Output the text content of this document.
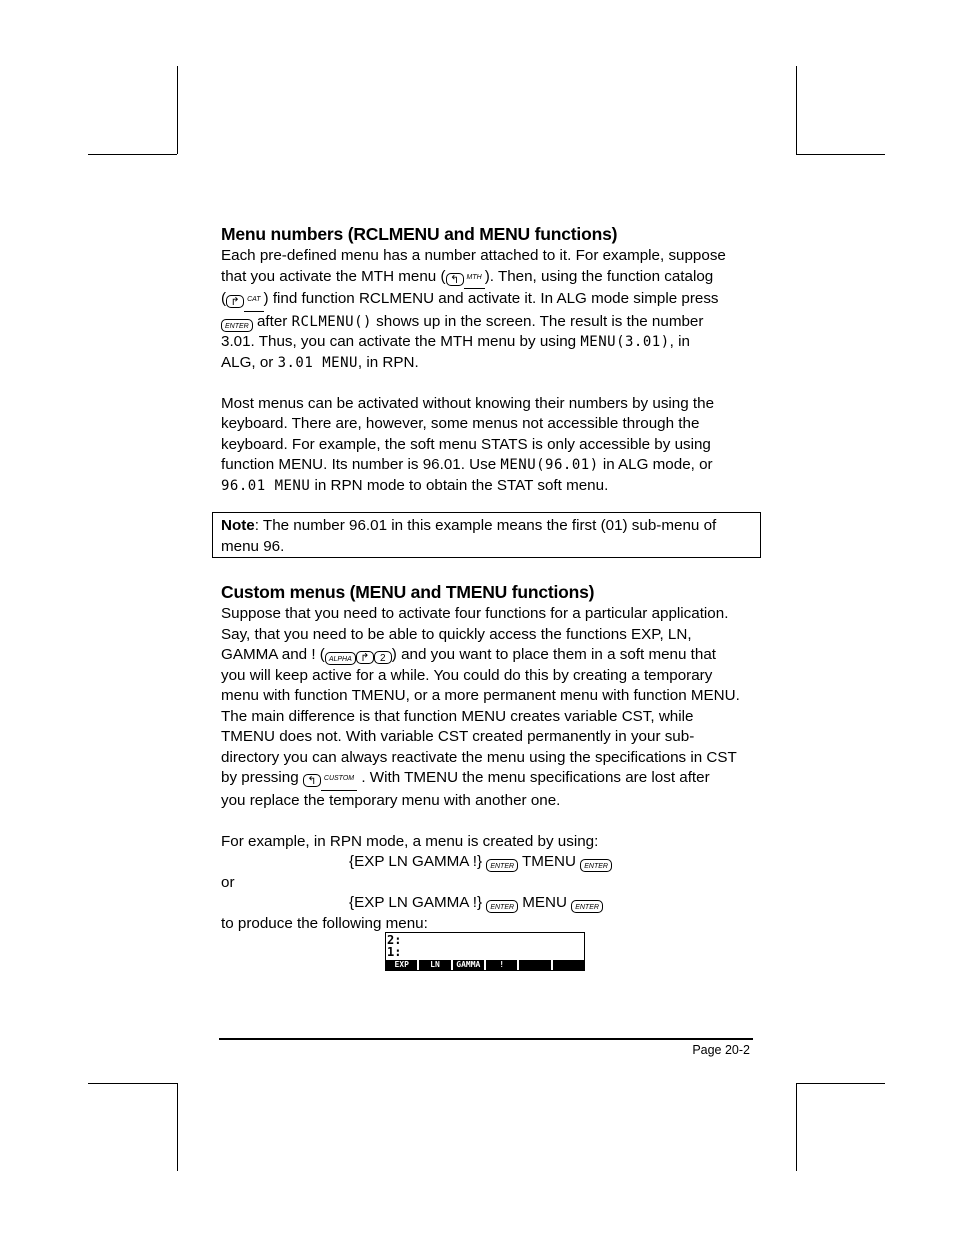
Menu numbers (RCLMENU and MENU functions)

Each pre-defined menu has a number attached to it. For example, suppose
that you activate the MTH menu ( ↰ MTH ). Then, using the function catalog
( ↱ CAT ) find function RCLMENU and activate it. In ALG mode simple press
ENTER after RCLMENU() shows up in the screen. The result is the number
3.01. Thus, you can activate the MTH menu by using MENU(3.01), in
ALG, or 3.01 MENU, in RPN.

Most menus can be activated without knowing their numbers by using the
keyboard. There are, however, some menus not accessible through the
keyboard. For example, the soft menu STATS is only accessible by using
function MENU. Its number is 96.01. Use MENU(96.01) in ALG mode, or
96.01 MENU in RPN mode to obtain the STAT soft menu.

Note: The number 96.01 in this example means the first (01) sub-menu of
menu 96.
Custom menus (MENU and TMENU functions)

Suppose that you need to activate four functions for a particular application.
Say, that you need to be able to quickly access the functions EXP, LN,
GAMMA and ! ( ALPHA ↱ 2 ) and you want to place them in a soft menu that
you will keep active for a while. You could do this by creating a temporary
menu with function TMENU, or a more permanent menu with function MENU.
The main difference is that function MENU creates variable CST, while
TMENU does not. With variable CST created permanently in your sub-
directory you can always reactivate the menu using the specifications in CST
by pressing ↰ CUSTOM . With TMENU the menu specifications are lost after
you replace the temporary menu with another one.

For example, in RPN mode, a menu is created by using:
{EXP LN GAMMA !} ENTER TMENU ENTER
or
{EXP LN GAMMA !} ENTER MENU ENTER
to produce the following menu:

2:
1:
EXP	LN	GAMMA	!
Page 20-2
